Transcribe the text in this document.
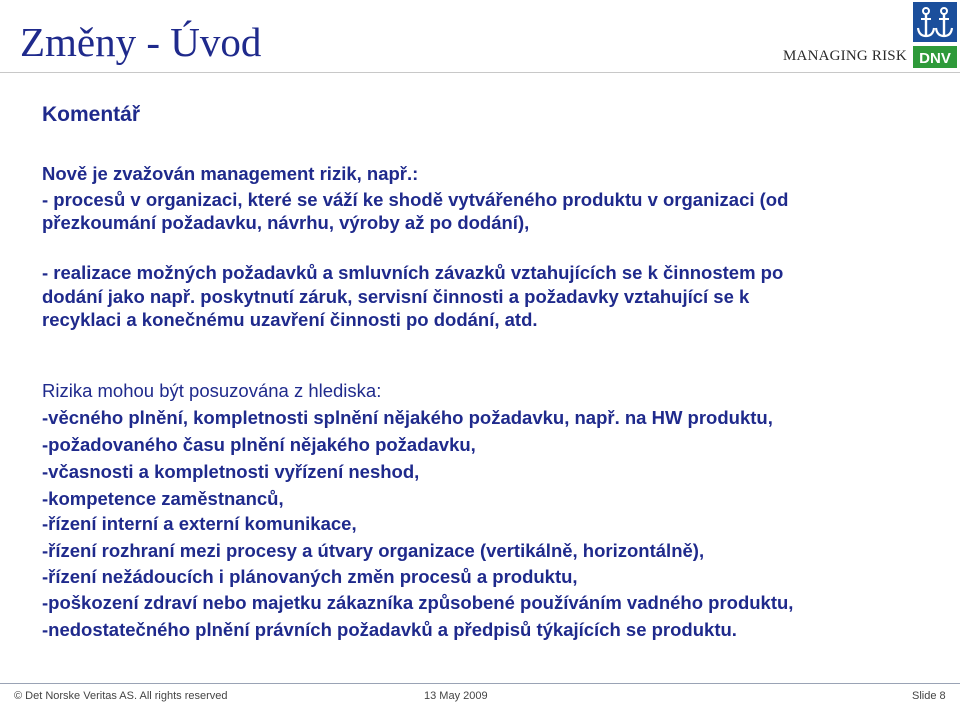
Změny - Úvod	MANAGING RISK DNV
Komentář
Nově je zvažován management rizik, např.:
- procesů v organizaci, které se váží ke shodě vytvářeného produktu v organizaci (od
přezkoumání požadavku, návrhu, výroby až po dodání),
- realizace možných požadavků a smluvních závazků vztahujících se k činnostem po
dodání jako např. poskytnutí záruk, servisní činnosti a požadavky vztahující se k
recyklaci a konečnému uzavření činnosti po dodání, atd.
Rizika mohou být posuzována z hlediska:
-věcného plnění, kompletnosti splnění nějakého požadavku, např. na HW produktu,
-požadovaného času plnění nějakého požadavku,
-včasnosti a kompletnosti vyřízení neshod,
-kompetence zaměstnanců,
-řízení interní a externí komunikace,
-řízení rozhraní mezi procesy a útvary organizace (vertikálně, horizontálně),
-řízení nežádoucích i plánovaných změn procesů a produktu,
-poškození zdraví nebo majetku zákazníka způsobené používáním vadného produktu,
-nedostatečného plnění právních požadavků a předpisů týkajících se produktu.
© Det Norske Veritas AS. All rights reserved	13 May 2009	Slide 8
